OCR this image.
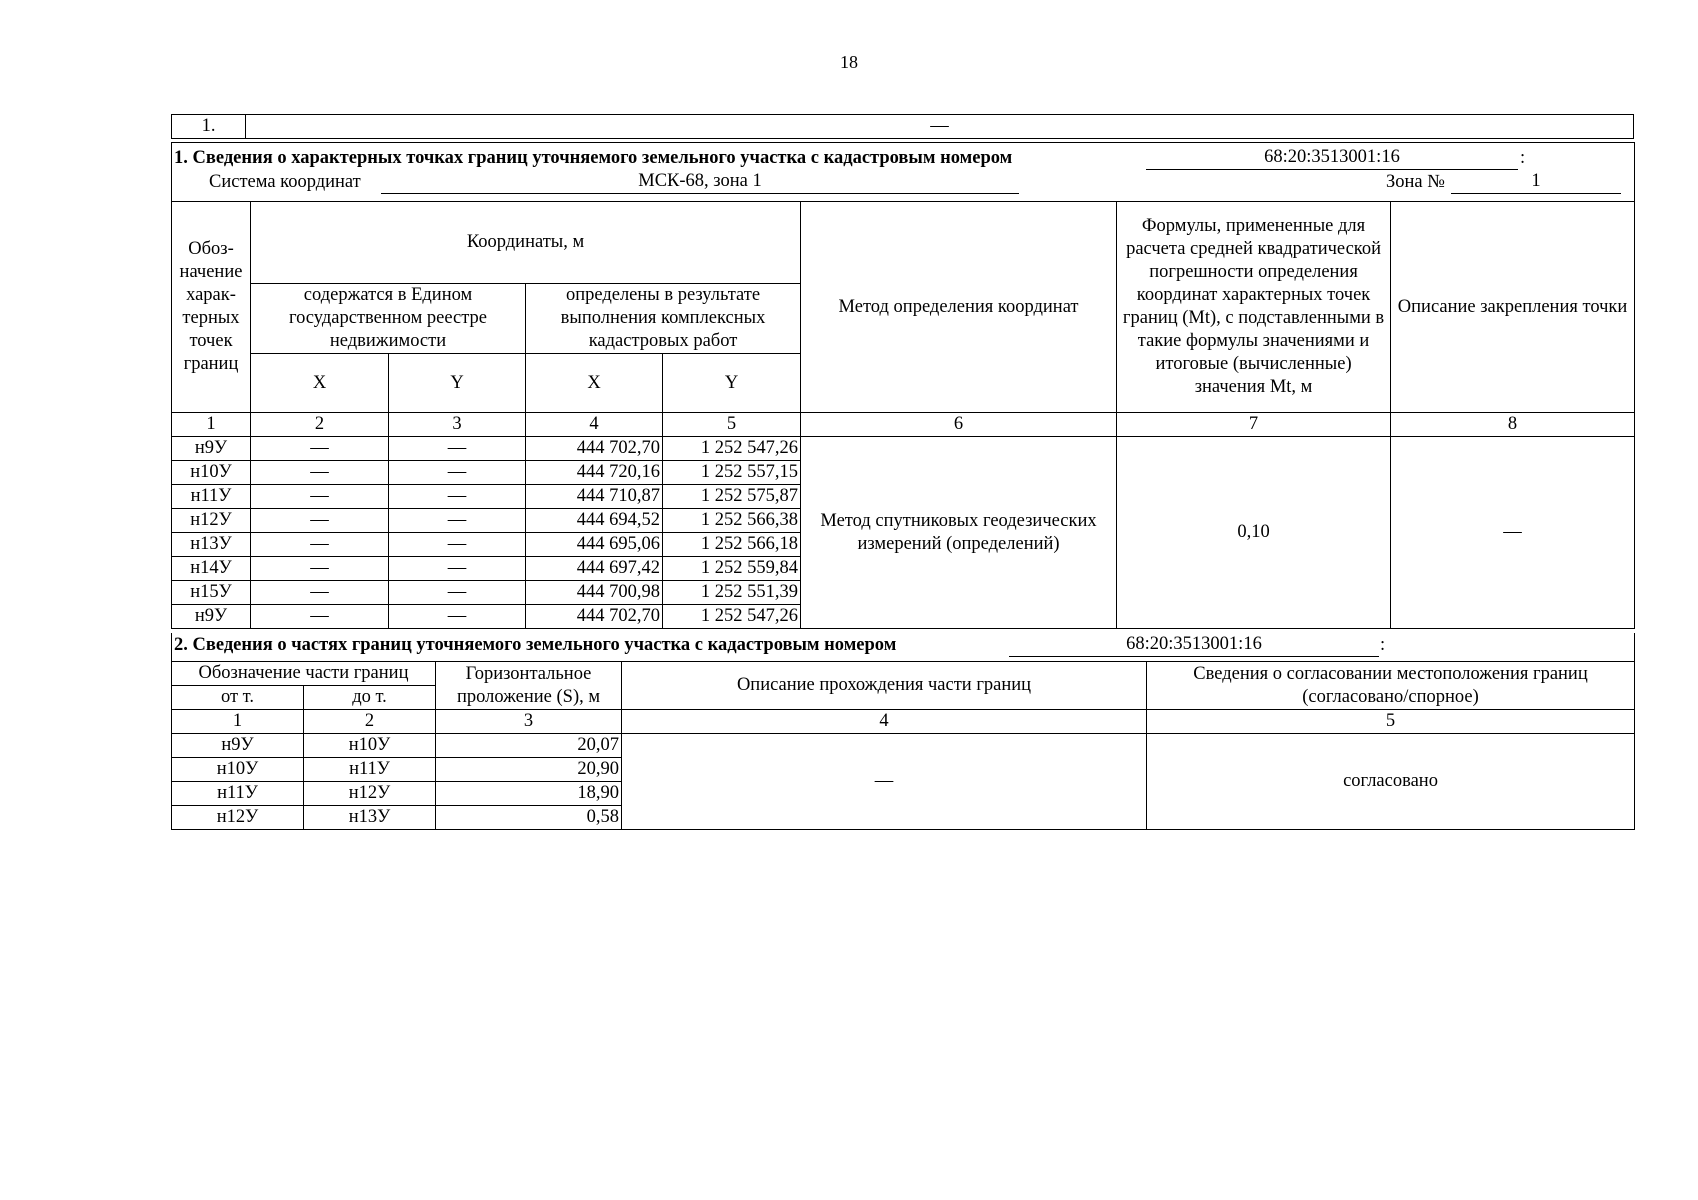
18
1.	—
1. Сведения о характерных точках границ уточняемого земельного участка с кадастровым номером	68:20:3513001:16	:
Система координат	МСК-68, зона 1	Зона №	1
Обоз-начение харак-терных точек границ	Координаты, м				Метод определения координат	Формулы, примененные для расчета средней квадратической погрешности определения координат характерных точек границ (Mt), с подставленными в такие формулы значениями и итоговые (вычисленные) значения Mt, м	Описание закрепления точки
	содержатся в Едином государственном реестре недвижимости		определены в результате выполнения комплексных кадастровых работ				
	X	Y	X	Y			
1	2	3	4	5	6	7	8
н9У	—	—	444 702,70	1 252 547,26	Метод спутниковых геодезических измерений (определений)	0,10	—
н10У	—	—	444 720,16	1 252 557,15			
н11У	—	—	444 710,87	1 252 575,87			
н12У	—	—	444 694,52	1 252 566,38			
н13У	—	—	444 695,06	1 252 566,18			
н14У	—	—	444 697,42	1 252 559,84			
н15У	—	—	444 700,98	1 252 551,39			
н9У	—	—	444 702,70	1 252 547,26			
2. Сведения о частях границ уточняемого земельного участка с кадастровым номером	68:20:3513001:16	:
Обозначение части границ		Горизонтальное проложение (S), м	Описание прохождения части границ	Сведения о согласовании местоположения границ (согласовано/спорное)
от т.	до т.			
1	2	3	4	5
н9У	н10У	20,07	—	согласовано
н10У	н11У	20,90		
н11У	н12У	18,90		
н12У	н13У	0,58		
